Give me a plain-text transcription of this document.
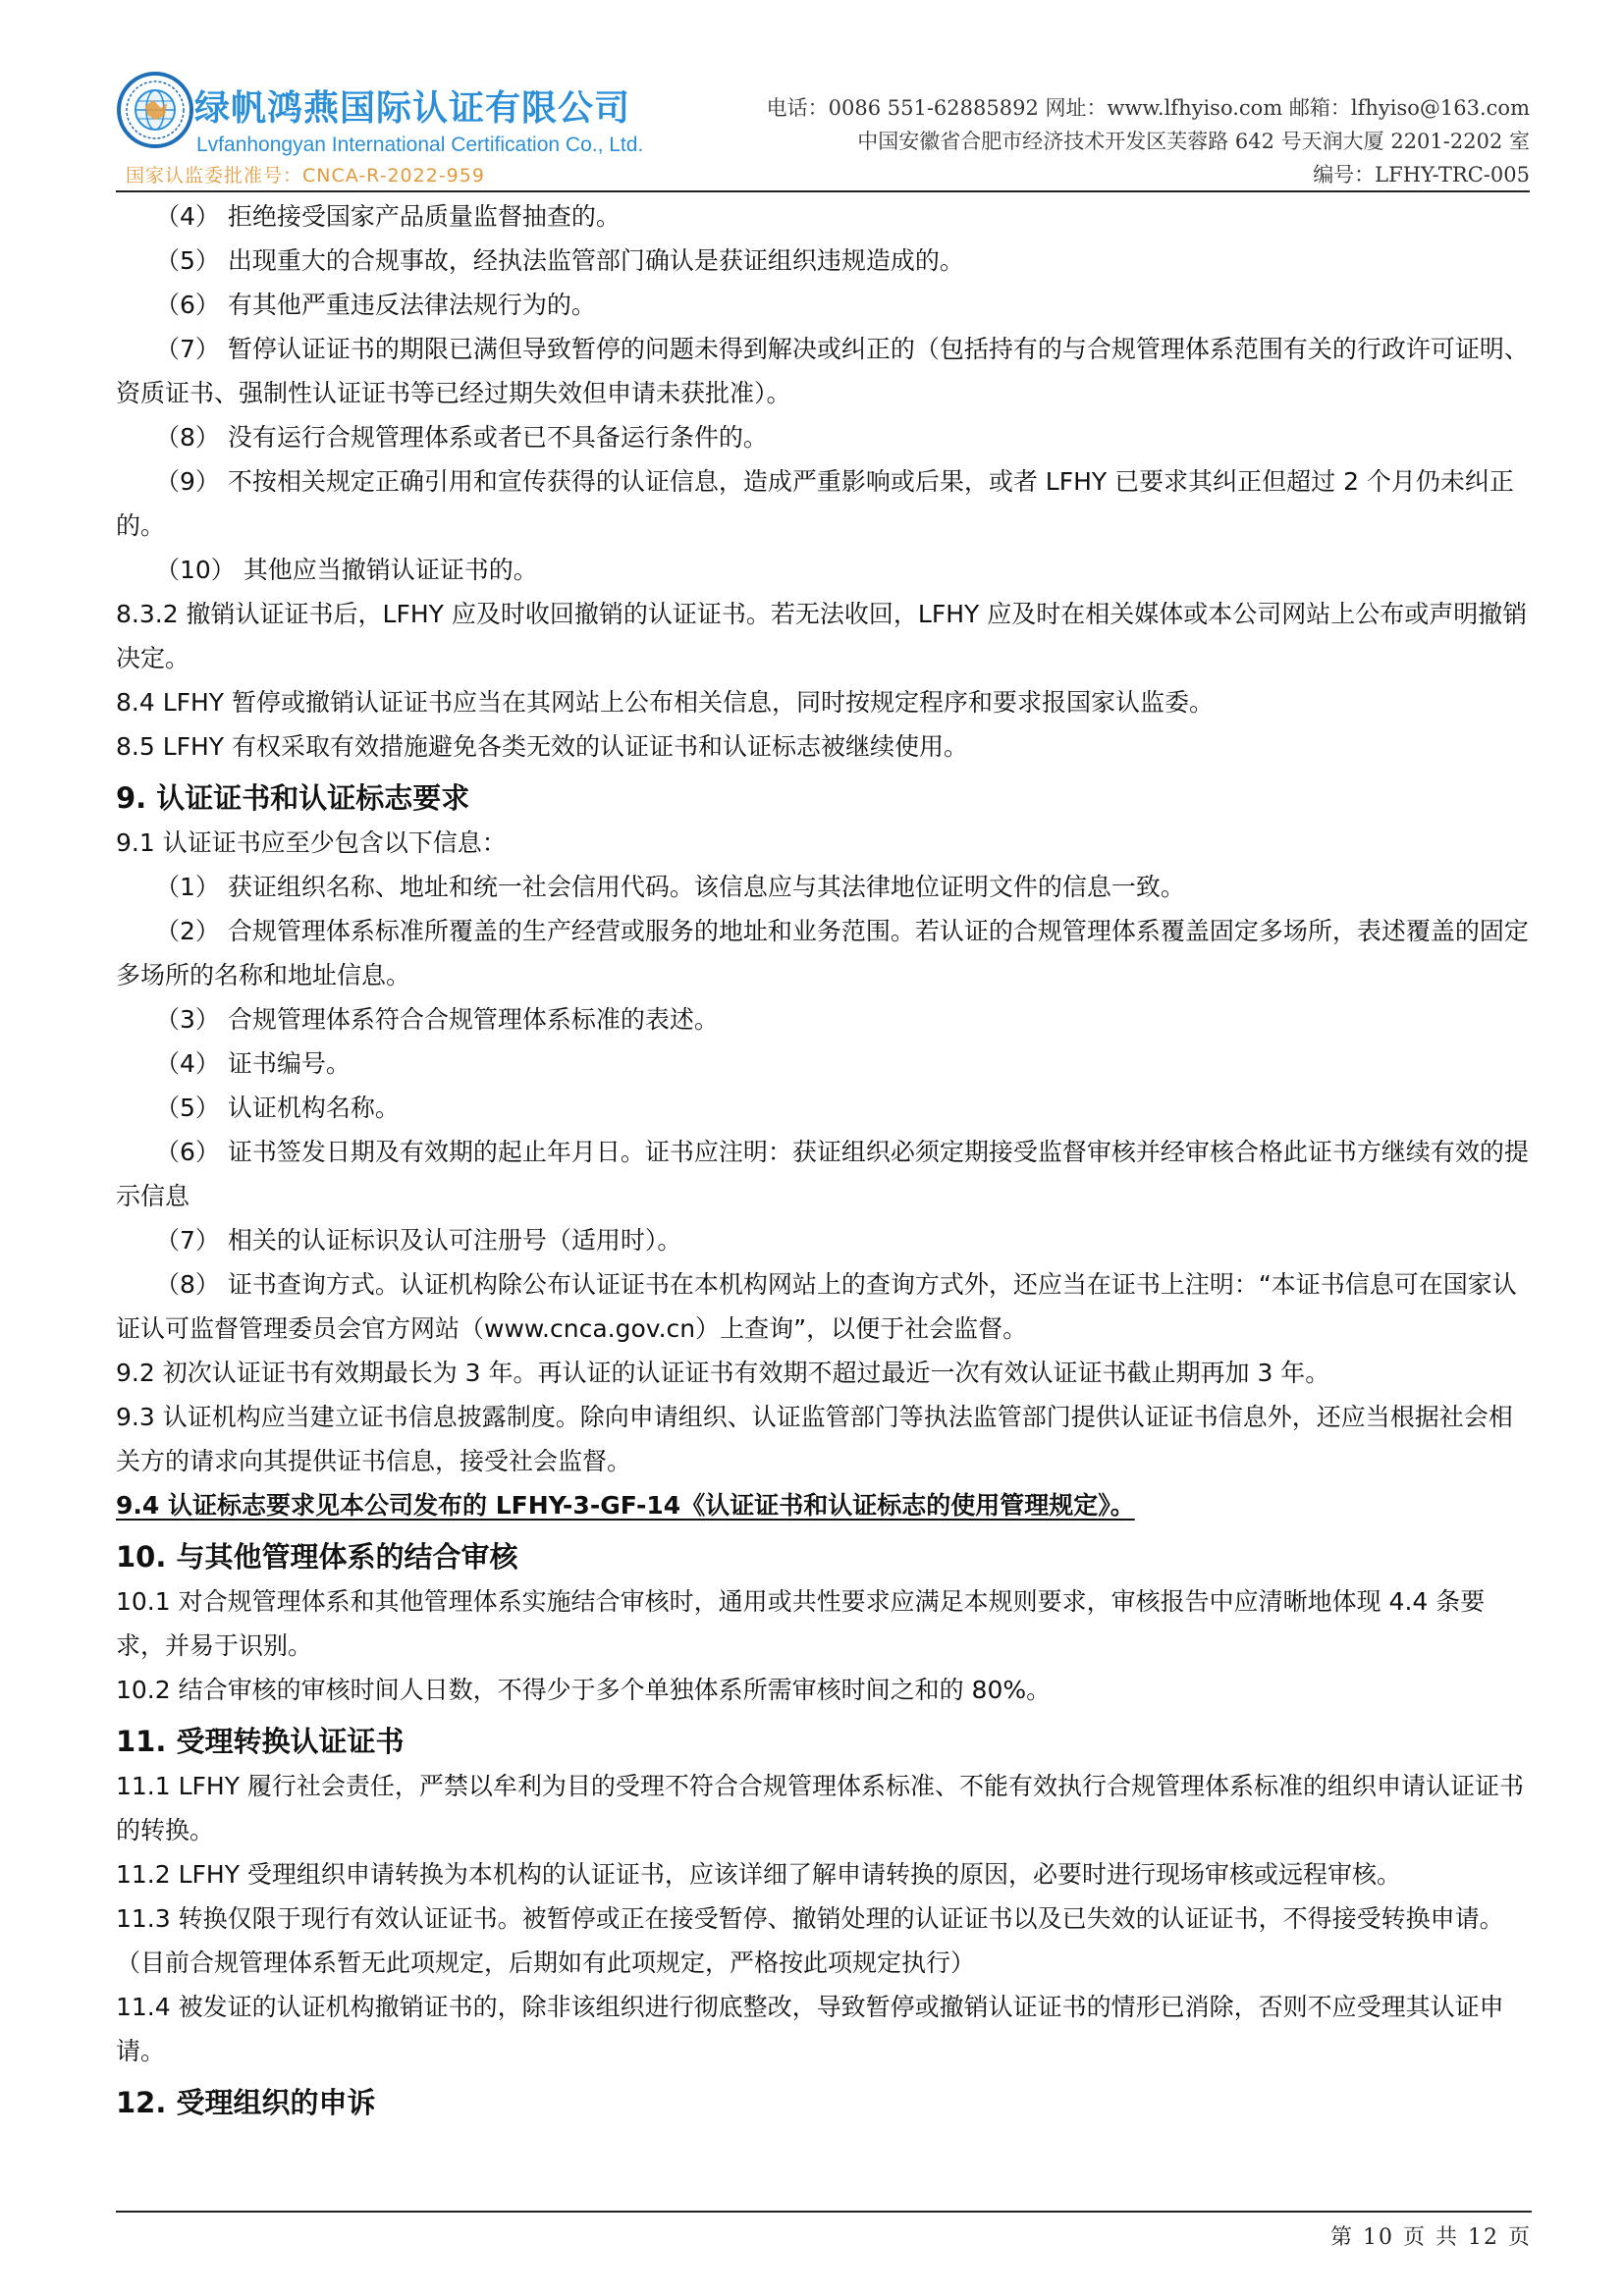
绿帆鸿燕国际认证有限公司
Lvfanhongyan International Certification Co., Ltd.
国家认监委批准号：CNCA-R-2022-959
电话：0086 551-62885892 网址：www.lfhyiso.com 邮箱：lfhyiso@163.com
中国安徽省合肥市经济技术开发区芙蓉路 642 号天润大厦 2201-2202 室
编号：LFHY-TRC-005

（4） 拒绝接受国家产品质量监督抽查的。

（5） 出现重大的合规事故，经执法监管部门确认是获证组织违规造成的。

（6） 有其他严重违反法律法规行为的。

（7） 暂停认证证书的期限已满但导致暂停的问题未得到解决或纠正的（包括持有的与合规管理体系范围有关的行政许可证明、资质证书、强制性认证证书等已经过期失效但申请未获批准）。

（8） 没有运行合规管理体系或者已不具备运行条件的。

（9） 不按相关规定正确引用和宣传获得的认证信息，造成严重影响或后果，或者 LFHY 已要求其纠正但超过 2 个月仍未纠正的。

（10） 其他应当撤销认证证书的。

8.3.2 撤销认证证书后，LFHY 应及时收回撤销的认证证书。若无法收回，LFHY 应及时在相关媒体或本公司网站上公布或声明撤销决定。

8.4 LFHY 暂停或撤销认证证书应当在其网站上公布相关信息，同时按规定程序和要求报国家认监委。

8.5 LFHY 有权采取有效措施避免各类无效的认证证书和认证标志被继续使用。

9. 认证证书和认证标志要求

9.1 认证证书应至少包含以下信息：

（1） 获证组织名称、地址和统一社会信用代码。该信息应与其法律地位证明文件的信息一致。

（2） 合规管理体系标准所覆盖的生产经营或服务的地址和业务范围。若认证的合规管理体系覆盖固定多场所，表述覆盖的固定多场所的名称和地址信息。

（3） 合规管理体系符合合规管理体系标准的表述。

（4） 证书编号。

（5） 认证机构名称。

（6） 证书签发日期及有效期的起止年月日。证书应注明：获证组织必须定期接受监督审核并经审核合格此证书方继续有效的提示信息

（7） 相关的认证标识及认可注册号（适用时）。

（8） 证书查询方式。认证机构除公布认证证书在本机构网站上的查询方式外，还应当在证书上注明：“本证书信息可在国家认证认可监督管理委员会官方网站（www.cnca.gov.cn）上查询”，以便于社会监督。

9.2 初次认证证书有效期最长为 3 年。再认证的认证证书有效期不超过最近一次有效认证证书截止期再加 3 年。

9.3 认证机构应当建立证书信息披露制度。除向申请组织、认证监管部门等执法监管部门提供认证证书信息外，还应当根据社会相关方的请求向其提供证书信息，接受社会监督。

9.4 认证标志要求见本公司发布的 LFHY-3-GF-14《认证证书和认证标志的使用管理规定》。

10. 与其他管理体系的结合审核

10.1 对合规管理体系和其他管理体系实施结合审核时，通用或共性要求应满足本规则要求，审核报告中应清晰地体现 4.4 条要求，并易于识别。

10.2 结合审核的审核时间人日数，不得少于多个单独体系所需审核时间之和的 80%。

11. 受理转换认证证书

11.1 LFHY 履行社会责任，严禁以牟利为目的受理不符合合规管理体系标准、不能有效执行合规管理体系标准的组织申请认证证书的转换。

11.2 LFHY 受理组织申请转换为本机构的认证证书，应该详细了解申请转换的原因，必要时进行现场审核或远程审核。

11.3 转换仅限于现行有效认证证书。被暂停或正在接受暂停、撤销处理的认证证书以及已失效的认证证书，不得接受转换申请。（目前合规管理体系暂无此项规定，后期如有此项规定，严格按此项规定执行）

11.4 被发证的认证机构撤销证书的，除非该组织进行彻底整改，导致暂停或撤销认证证书的情形已消除，否则不应受理其认证申请。

12. 受理组织的申诉

第 10 页 共 12 页
